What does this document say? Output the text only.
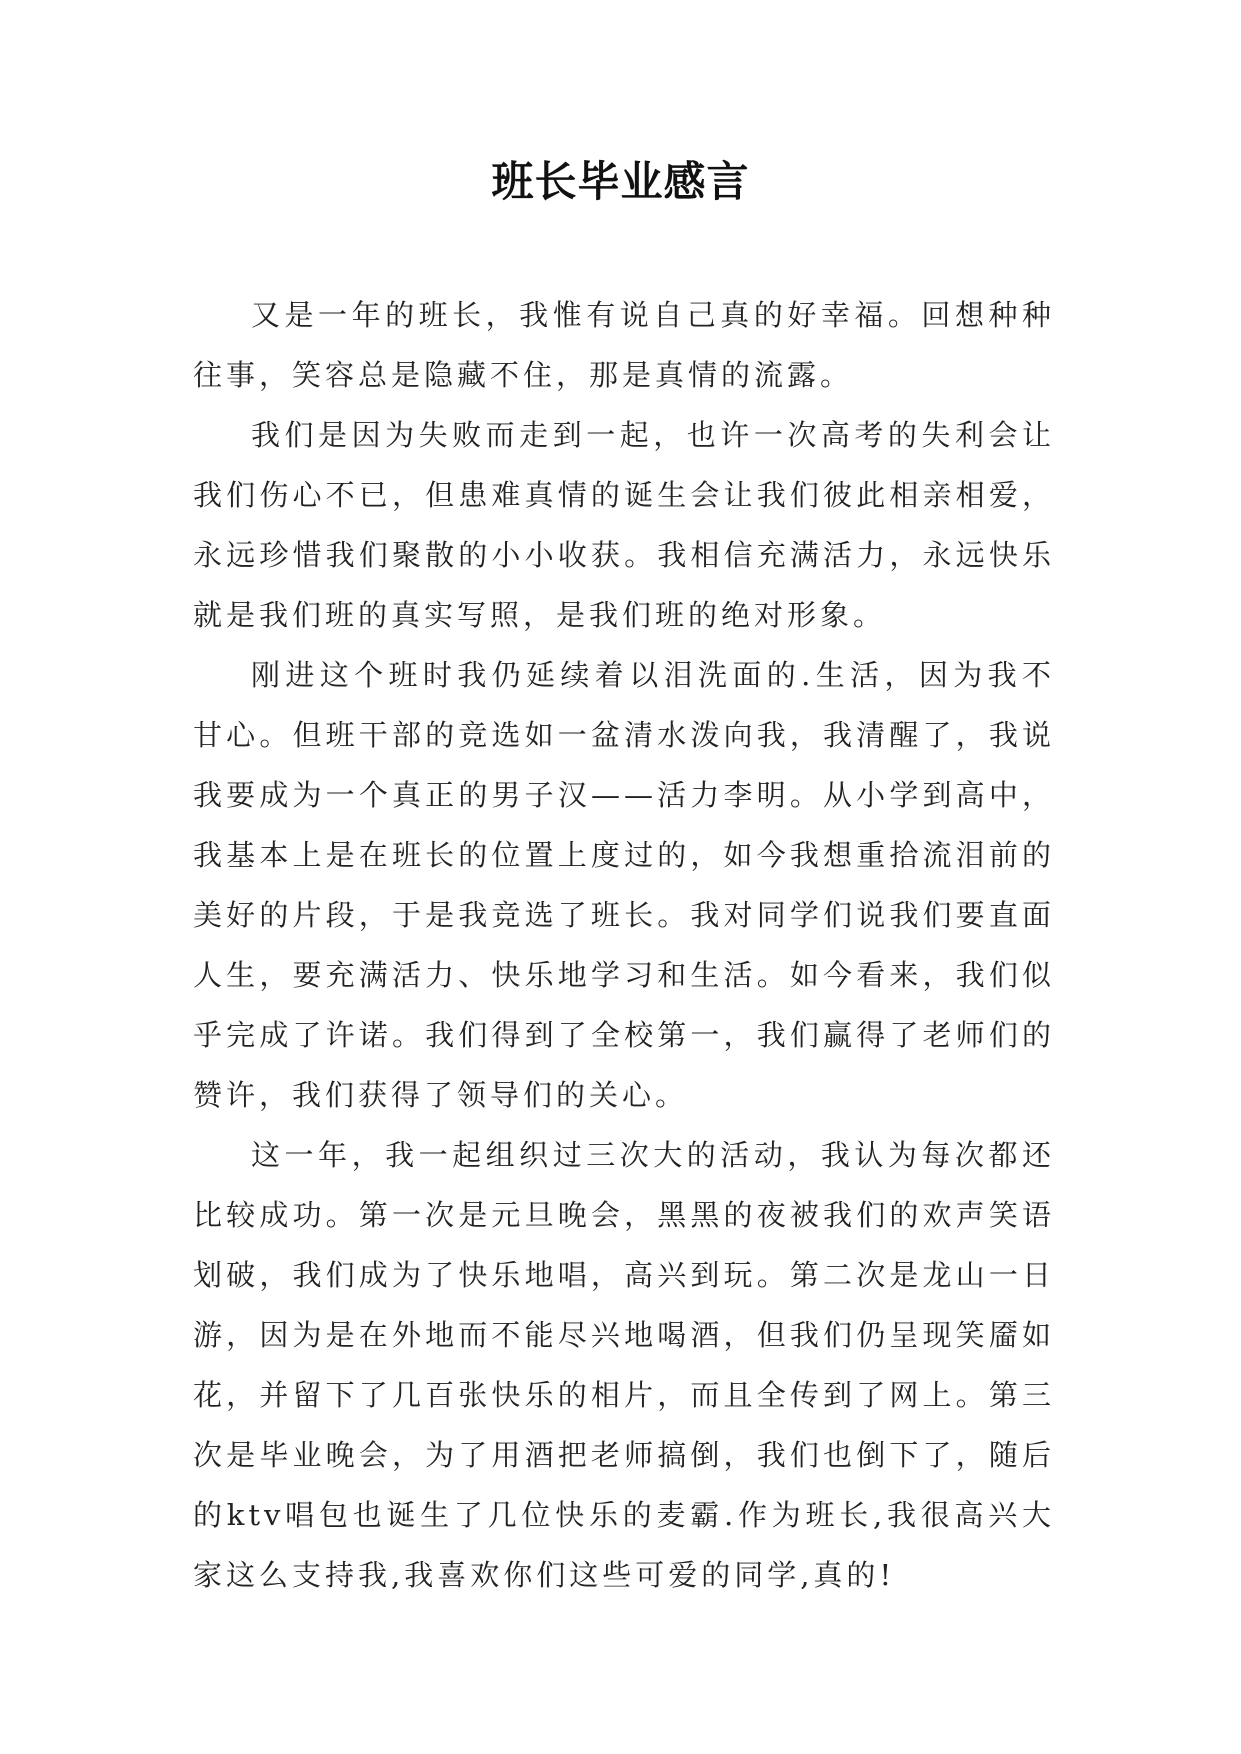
班长毕业感言

又是一年的班长，我惟有说自己真的好幸福。回想种种往事，笑容总是隐藏不住，那是真情的流露。

我们是因为失败而走到一起，也许一次高考的失利会让我们伤心不已，但患难真情的诞生会让我们彼此相亲相爱，永远珍惜我们聚散的小小收获。我相信充满活力，永远快乐就是我们班的真实写照，是我们班的绝对形象。

刚进这个班时我仍延续着以泪洗面的.生活，因为我不甘心。但班干部的竞选如一盆清水泼向我，我清醒了，我说我要成为一个真正的男子汉——活力李明。从小学到高中，我基本上是在班长的位置上度过的，如今我想重拾流泪前的美好的片段，于是我竞选了班长。我对同学们说我们要直面人生，要充满活力、快乐地学习和生活。如今看来，我们似乎完成了许诺。我们得到了全校第一，我们赢得了老师们的赞许，我们获得了领导们的关心。

这一年，我一起组织过三次大的活动，我认为每次都还比较成功。第一次是元旦晚会，黑黑的夜被我们的欢声笑语划破，我们成为了快乐地唱，高兴到玩。第二次是龙山一日游，因为是在外地而不能尽兴地喝酒，但我们仍呈现笑靥如花，并留下了几百张快乐的相片，而且全传到了网上。第三次是毕业晚会，为了用酒把老师搞倒，我们也倒下了，随后的ktv唱包也诞生了几位快乐的麦霸.作为班长,我很高兴大家这么支持我,我喜欢你们这些可爱的同学,真的!
